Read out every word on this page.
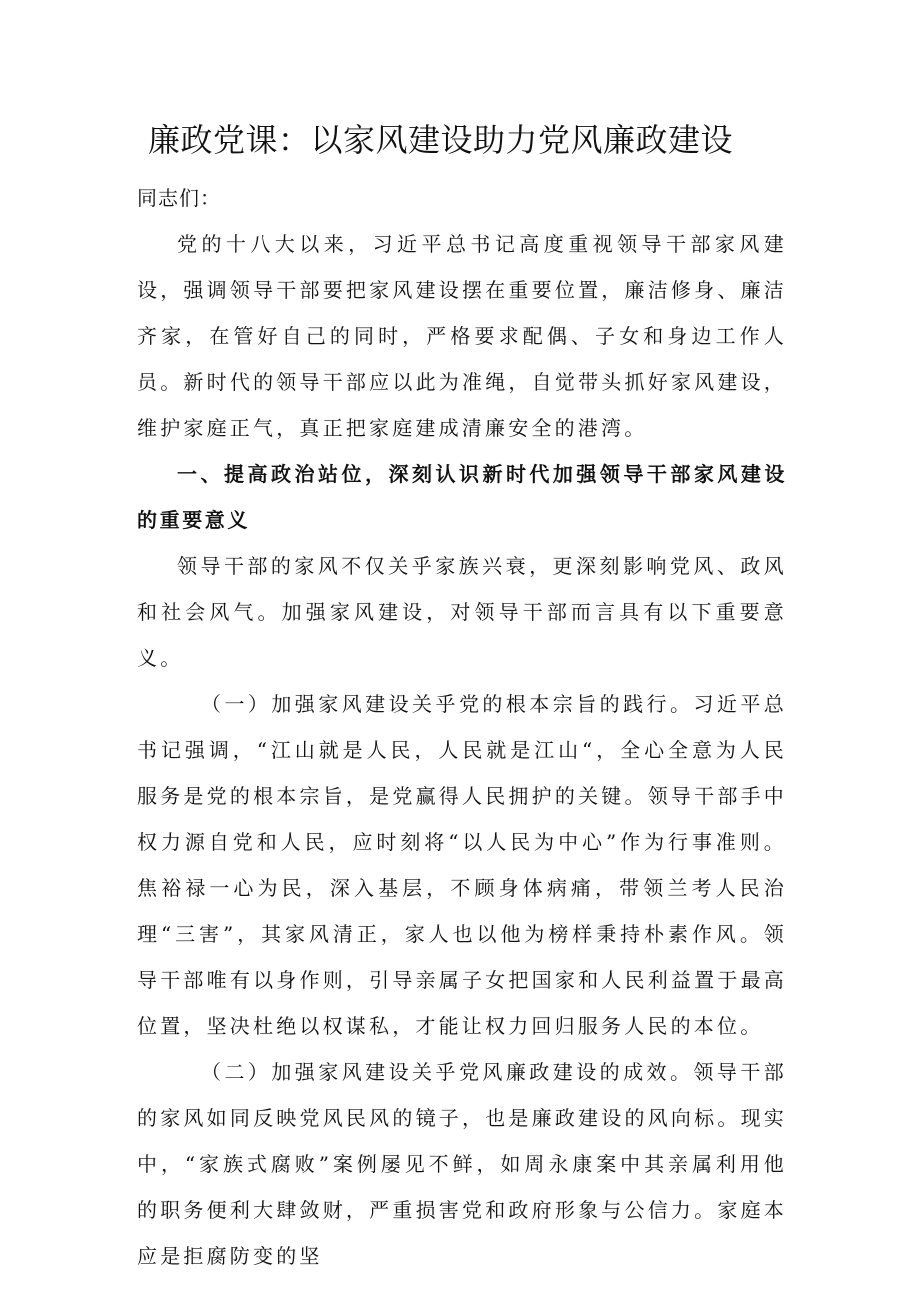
廉政党课：以家风建设助力党风廉政建设

同志们：

党的十八大以来，习近平总书记高度重视领导干部家风建设，强调领导干部要把家风建设摆在重要位置，廉洁修身、廉洁齐家，在管好自己的同时，严格要求配偶、子女和身边工作人员。新时代的领导干部应以此为准绳，自觉带头抓好家风建设，维护家庭正气，真正把家庭建成清廉安全的港湾。

一、提高政治站位，深刻认识新时代加强领导干部家风建设的重要意义

领导干部的家风不仅关乎家族兴衰，更深刻影响党风、政风和社会风气。加强家风建设，对领导干部而言具有以下重要意义。

（一）加强家风建设关乎党的根本宗旨的践行。习近平总书记强调，“江山就是人民，人民就是江山“，全心全意为人民服务是党的根本宗旨，是党赢得人民拥护的关键。领导干部手中权力源自党和人民，应时刻将“以人民为中心”作为行事准则。焦裕禄一心为民，深入基层，不顾身体病痛，带领兰考人民治理“三害”，其家风清正，家人也以他为榜样秉持朴素作风。领导干部唯有以身作则，引导亲属子女把国家和人民利益置于最高位置，坚决杜绝以权谋私，才能让权力回归服务人民的本位。

（二）加强家风建设关乎党风廉政建设的成效。领导干部的家风如同反映党风民风的镜子，也是廉政建设的风向标。现实中，“家族式腐败”案例屡见不鲜，如周永康案中其亲属利用他的职务便利大肆敛财，严重损害党和政府形象与公信力。家庭本应是拒腐防变的坚
